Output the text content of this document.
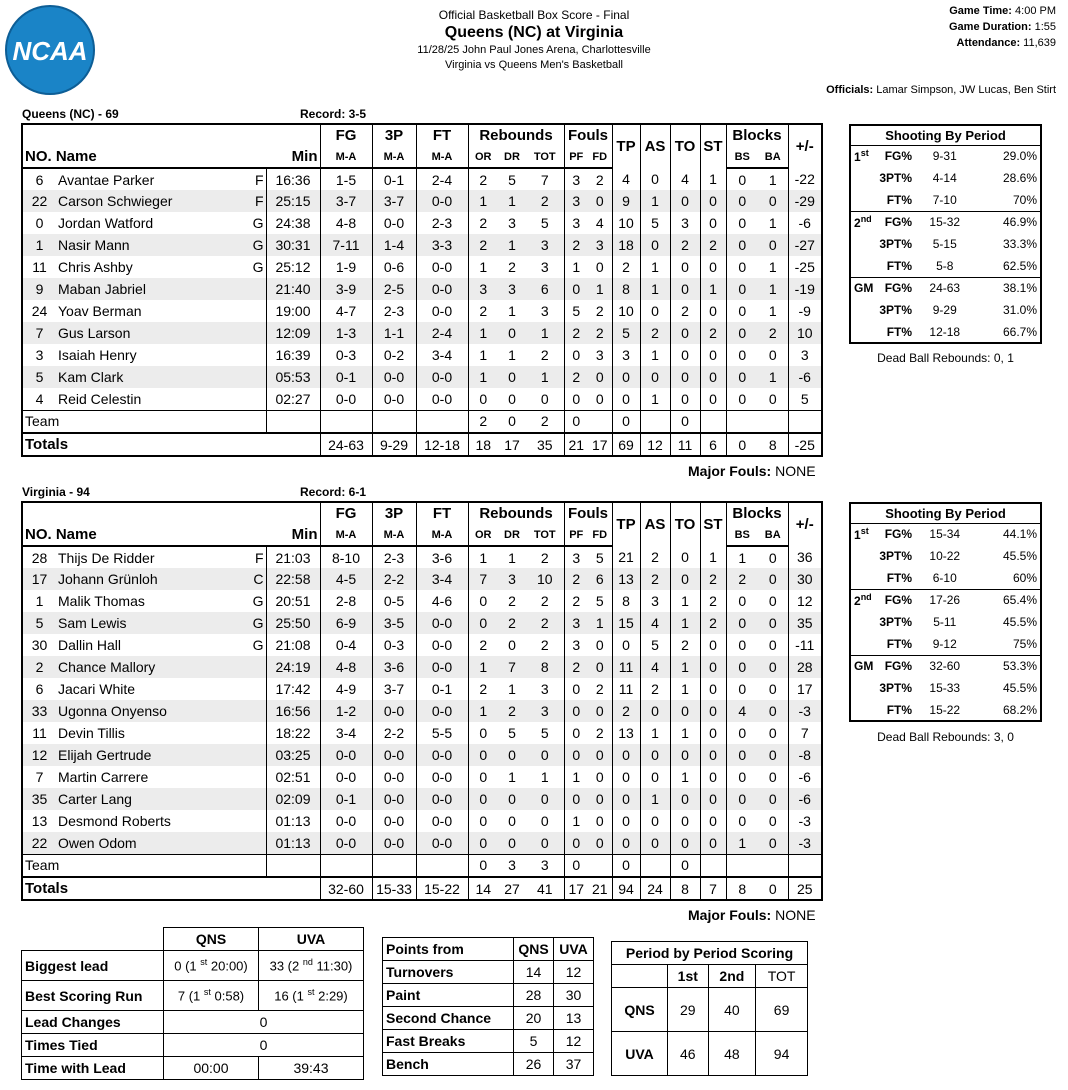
NCAA
Official Basketball Box Score - Final
Queens (NC) at Virginia
11/28/25 John Paul Jones Arena, Charlottesville
Virginia vs Queens Men's Basketball
Game Time: 4:00 PM
Game Duration: 1:55
Attendance: 11,639
Officials: Lamar Simpson, JW Lucas, Ben Stirt
Queens (NC) - 69	Record: 3-5
				FG	3P	FT	Rebounds			Fouls		TP	AS	TO	ST	Blocks		+/-
NO. Name			Min	M-A	M-A	M-A	OR	DR	TOT	PF	FD					BS	BA	
6	Avantae Parker	F	16:36	1-5	0-1	2-4	2	5	7	3	2	4	0	4	1	0	1	-22
22	Carson Schwieger	F	25:15	3-7	3-7	0-0	1	1	2	3	0	9	1	0	0	0	0	-29
0	Jordan Watford	G	24:38	4-8	0-0	2-3	2	3	5	3	4	10	5	3	0	0	1	-6
1	Nasir Mann	G	30:31	7-11	1-4	3-3	2	1	3	2	3	18	0	2	2	0	0	-27
11	Chris Ashby	G	25:12	1-9	0-6	0-0	1	2	3	1	0	2	1	0	0	0	1	-25
9	Maban Jabriel		21:40	3-9	2-5	0-0	3	3	6	0	1	8	1	0	1	0	1	-19
24	Yoav Berman		19:00	4-7	2-3	0-0	2	1	3	5	2	10	0	2	0	0	1	-9
7	Gus Larson		12:09	1-3	1-1	2-4	1	0	1	2	2	5	2	0	2	0	2	10
3	Isaiah Henry		16:39	0-3	0-2	3-4	1	1	2	0	3	3	1	0	0	0	0	3
5	Kam Clark		05:53	0-1	0-0	0-0	1	0	1	2	0	0	0	0	0	0	1	-6
4	Reid Celestin		02:27	0-0	0-0	0-0	0	0	0	0	0	0	1	0	0	0	0	5
Team							2	0	2	0		0		0				
Totals				24-63	9-29	12-18	18	17	35	21	17	69	12	11	6	0	8	-25
Major Fouls: NONE
Shooting By Period			
1st	FG%	9-31	29.0%
	3PT%	4-14	28.6%
	FT%	7-10	70%
2nd	FG%	15-32	46.9%
	3PT%	5-15	33.3%
	FT%	5-8	62.5%
GM	FG%	24-63	38.1%
	3PT%	9-29	31.0%
	FT%	12-18	66.7%
Dead Ball Rebounds: 0, 1
Virginia - 94	Record: 6-1
				FG	3P	FT	Rebounds			Fouls		TP	AS	TO	ST	Blocks		+/-
NO. Name			Min	M-A	M-A	M-A	OR	DR	TOT	PF	FD					BS	BA	
28	Thijs De Ridder	F	21:03	8-10	2-3	3-6	1	1	2	3	5	21	2	0	1	1	0	36
17	Johann Grünloh	C	22:58	4-5	2-2	3-4	7	3	10	2	6	13	2	0	2	2	0	30
1	Malik Thomas	G	20:51	2-8	0-5	4-6	0	2	2	2	5	8	3	1	2	0	0	12
5	Sam Lewis	G	25:50	6-9	3-5	0-0	0	2	2	3	1	15	4	1	2	0	0	35
30	Dallin Hall	G	21:08	0-4	0-3	0-0	2	0	2	3	0	0	5	2	0	0	0	-11
2	Chance Mallory		24:19	4-8	3-6	0-0	1	7	8	2	0	11	4	1	0	0	0	28
6	Jacari White		17:42	4-9	3-7	0-1	2	1	3	0	2	11	2	1	0	0	0	17
33	Ugonna Onyenso		16:56	1-2	0-0	0-0	1	2	3	0	0	2	0	0	0	4	0	-3
11	Devin Tillis		18:22	3-4	2-2	5-5	0	5	5	0	2	13	1	1	0	0	0	7
12	Elijah Gertrude		03:25	0-0	0-0	0-0	0	0	0	0	0	0	0	0	0	0	0	-8
7	Martin Carrere		02:51	0-0	0-0	0-0	0	1	1	1	0	0	0	1	0	0	0	-6
35	Carter Lang		02:09	0-1	0-0	0-0	0	0	0	0	0	0	1	0	0	0	0	-6
13	Desmond Roberts		01:13	0-0	0-0	0-0	0	0	0	1	0	0	0	0	0	0	0	-3
22	Owen Odom		01:13	0-0	0-0	0-0	0	0	0	0	0	0	0	0	0	1	0	-3
Team							0	3	3	0		0		0				
Totals				32-60	15-33	15-22	14	27	41	17	21	94	24	8	7	8	0	25
Major Fouls: NONE
Shooting By Period			
1st	FG%	15-34	44.1%
	3PT%	10-22	45.5%
	FT%	6-10	60%
2nd	FG%	17-26	65.4%
	3PT%	5-11	45.5%
	FT%	9-12	75%
GM	FG%	32-60	53.3%
	3PT%	15-33	45.5%
	FT%	15-22	68.2%
Dead Ball Rebounds: 3, 0
	QNS	UVA
Biggest lead	0 (1 $^{st}$ 20:00)	33 (2 $^{nd}$ 11:30)
Best Scoring Run	7 (1 $^{st}$ 0:58)	16 (1 $^{st}$ 2:29)
Lead Changes	0	
Times Tied	0	
Time with Lead	00:00	39:43
Points from	QNS	UVA
Turnovers	14	12
Paint	28	30
Second Chance	20	13
Fast Breaks	5	12
Bench	26	37
Period by Period Scoring			
	1st	2nd	TOT
QNS	29	40	69
UVA	46	48	94
